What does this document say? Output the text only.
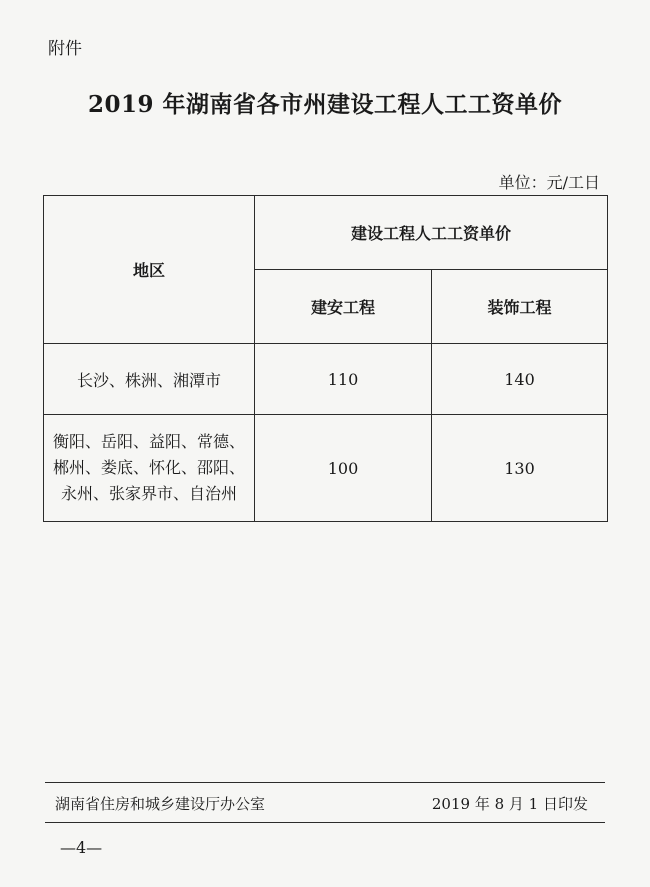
附件
2019 年湖南省各市州建设工程人工工资单价
单位：元/工日
地区	建设工程人工工资单价	
	建安工程	装饰工程
长沙、株洲、湘潭市	110	140

衡阳、岳阳、益阳、常德、
郴州、娄底、怀化、邵阳、
永州、张家界市、自治州	100	130
湖南省住房和城乡建设厅办公室	2019 年 8 月 1 日印发
—4—
